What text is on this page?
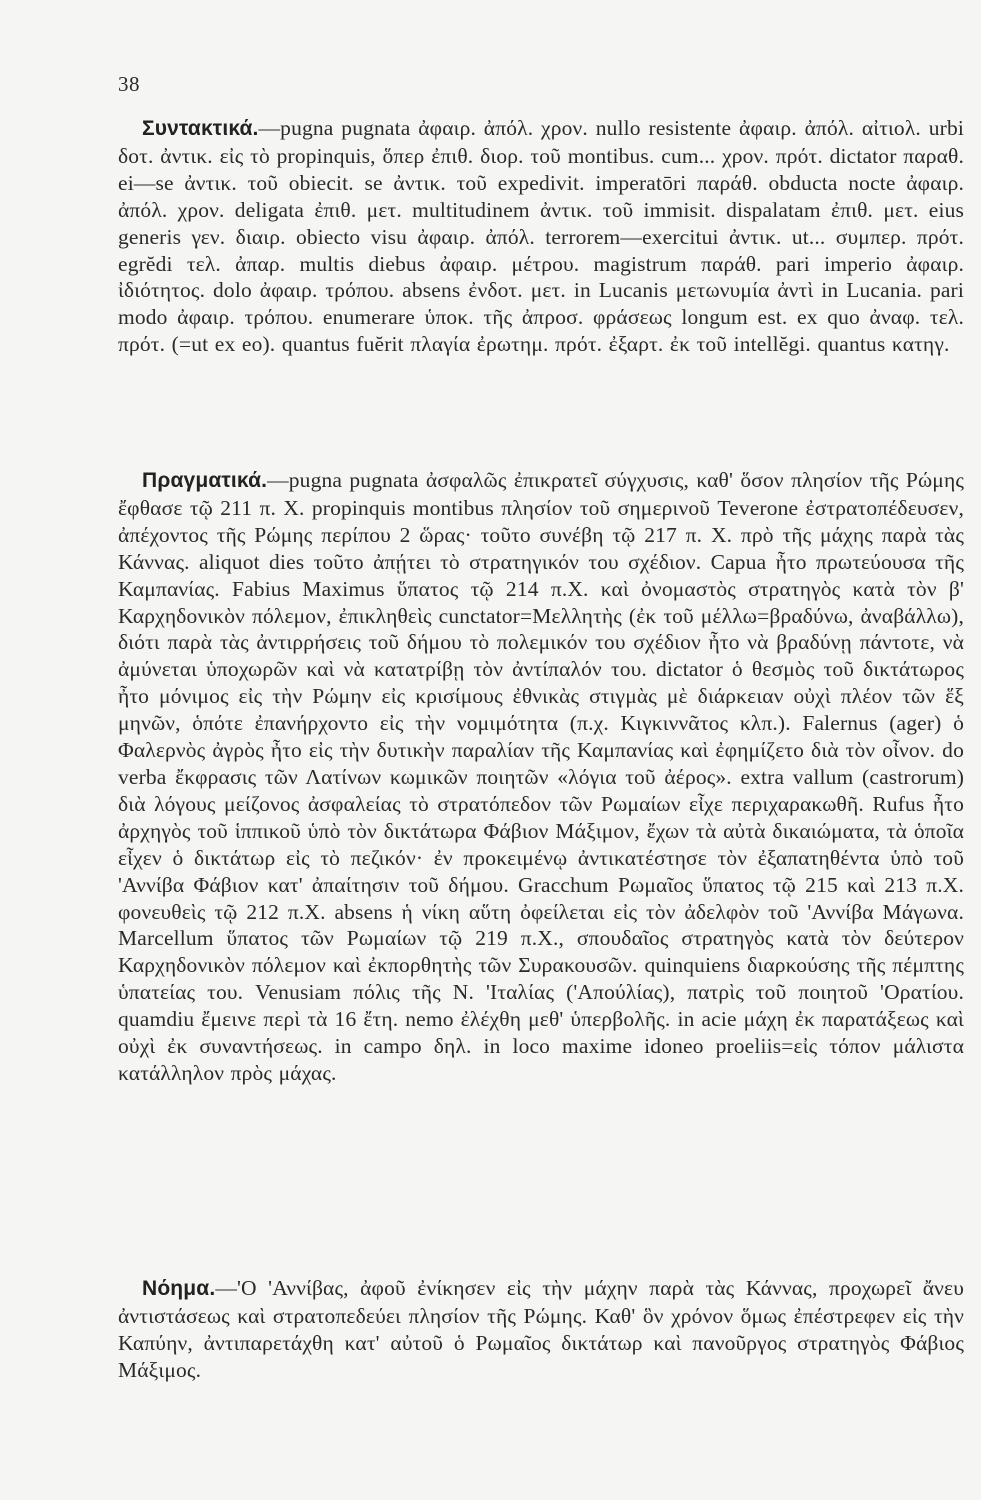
38

Συντακτικά.—pugna pugnata ἀφαιρ. ἀπόλ. χρον. nullo resistente ἀφαιρ. ἀπόλ. αἰτιολ. urbi δοτ. ἀντικ. εἰς τὸ propinquis, ὅπερ ἐπιθ. διορ. τοῦ montibus. cum... χρον. πρότ. dictator παραθ. ei—se ἀντικ. τοῦ obiecit. se ἀντικ. τοῦ expedivit. imperatōri παράθ. obducta nocte ἀφαιρ. ἀπόλ. χρον. deligata ἐπιθ. μετ. multitudinem ἀντικ. τοῦ immisit. dispalatam ἐπιθ. μετ. eius generis γεν. διαιρ. obiecto visu ἀφαιρ. ἀπόλ. terrorem—exercitui ἀντικ. ut... συμπερ. πρότ. egrĕdi τελ. ἀπαρ. multis diebus ἀφαιρ. μέτρου. magistrum παράθ. pari imperio ἀφαιρ. ἰδιότητος. dolo ἀφαιρ. τρόπου. absens ἐνδοτ. μετ. in Lucanis μετωνυμία ἀντὶ in Lucania. pari modo ἀφαιρ. τρόπου. enumerare ὑποκ. τῆς ἀπροσ. φράσεως longum est. ex quo ἀναφ. τελ. πρότ. (=ut ex eo). quantus fuĕrit πλαγία ἐρωτημ. πρότ. ἐξαρτ. ἐκ τοῦ intellĕgi. quantus κατηγ.

Πραγματικά.—pugna pugnata ἀσφαλῶς ἐπικρατεῖ σύγχυσις, καθ' ὅσον πλησίον τῆς Ρώμης ἔφθασε τῷ 211 π. Χ. propinquis montibus πλησίον τοῦ σημερινοῦ Teverone ἐστρατοπέδευσεν, ἀπέχοντος τῆς Ρώμης περίπου 2 ὥρας· τοῦτο συνέβη τῷ 217 π. Χ. πρὸ τῆς μάχης παρὰ τὰς Κάννας. aliquot dies τοῦτο ἀπῄτει τὸ στρατηγικόν του σχέδιον. Capua ἦτο πρωτεύουσα τῆς Καμπανίας. Fabius Maximus ὕπατος τῷ 214 π.Χ. καὶ ὀνομαστὸς στρατηγὸς κατὰ τὸν β' Καρχηδονικὸν πόλεμον, ἐπικληθεὶς cunctator=Μελλητὴς (ἐκ τοῦ μέλλω=βραδύνω, ἀναβάλλω), διότι παρὰ τὰς ἀντιρρήσεις τοῦ δήμου τὸ πολεμικόν του σχέδιον ἦτο νὰ βραδύνῃ πάντοτε, νὰ ἀμύνεται ὑποχωρῶν καὶ νὰ κατατρίβῃ τὸν ἀντίπαλόν του. dictator ὁ θεσμὸς τοῦ δικτάτωρος ἦτο μόνιμος εἰς τὴν Ρώμην εἰς κρισίμους ἐθνικὰς στιγμὰς μὲ διάρκειαν οὐχὶ πλέον τῶν ἕξ μηνῶν, ὁπότε ἐπανήρχοντο εἰς τὴν νομιμότητα (π.χ. Κιγκιννᾶτος κλπ.). Falernus (ager) ὁ Φαλερνὸς ἀγρὸς ἦτο εἰς τὴν δυτικὴν παραλίαν τῆς Καμπανίας καὶ ἐφημίζετο διὰ τὸν οἶνον. do verba ἔκφρασις τῶν Λατίνων κωμικῶν ποιητῶν «λόγια τοῦ ἀέρος». extra vallum (castrorum) διὰ λόγους μείζονος ἀσφαλείας τὸ στρατόπεδον τῶν Ρωμαίων εἶχε περιχαρακωθῆ. Rufus ἦτο ἀρχηγὸς τοῦ ἱππικοῦ ὑπὸ τὸν δικτάτωρα Φάβιον Μάξιμον, ἔχων τὰ αὐτὰ δικαιώματα, τὰ ὁποῖα εἶχεν ὁ δικτάτωρ εἰς τὸ πεζικόν· ἐν προκειμένῳ ἀντικατέστησε τὸν ἐξαπατηθέντα ὑπὸ τοῦ 'Αννίβα Φάβιον κατ' ἀπαίτησιν τοῦ δήμου. Gracchum Ρωμαῖος ὕπατος τῷ 215 καὶ 213 π.Χ. φονευθεὶς τῷ 212 π.Χ. absens ἡ νίκη αὕτη ὀφείλεται εἰς τὸν ἀδελφὸν τοῦ 'Αννίβα Μάγωνα. Marcellum ὕπατος τῶν Ρωμαίων τῷ 219 π.Χ., σπουδαῖος στρατηγὸς κατὰ τὸν δεύτερον Καρχηδονικὸν πόλεμον καὶ ἐκπορθητὴς τῶν Συρακουσῶν. quinquiens διαρκούσης τῆς πέμπτης ὑπατείας του. Venusiam πόλις τῆς Ν. 'Ιταλίας ('Απούλίας), πατρὶς τοῦ ποιητοῦ 'Ορατίου. quamdiu ἔμεινε περὶ τὰ 16 ἔτη. nemo ἐλέχθη μεθ' ὑπερβολῆς. in acie μάχη ἐκ παρατάξεως καὶ οὐχὶ ἐκ συναντήσεως. in campo δηλ. in loco maxime idoneo proeliis=εἰς τόπον μάλιστα κατάλληλον πρὸς μάχας.

Νόημα.—'Ο 'Αννίβας, ἀφοῦ ἐνίκησεν εἰς τὴν μάχην παρὰ τὰς Κάννας, προχωρεῖ ἄνευ ἀντιστάσεως καὶ στρατοπεδεύει πλησίον τῆς Ρώμης. Καθ' ὃν χρόνον ὅμως ἐπέστρεφεν εἰς τὴν Καπύην, ἀντιπαρετάχθη κατ' αὐτοῦ ὁ Ρωμαῖος δικτάτωρ καὶ πανοῦργος στρατηγὸς Φάβιος Μάξιμος.
